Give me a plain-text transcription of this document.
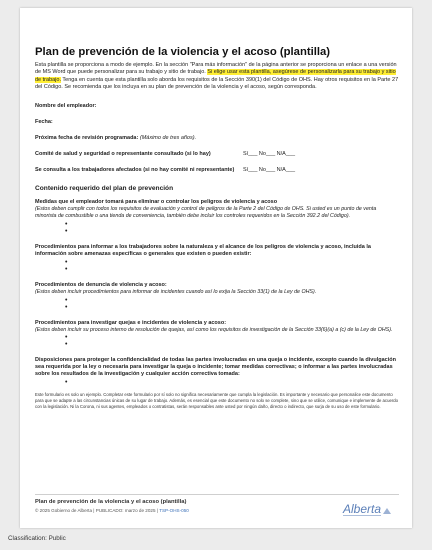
Plan de prevención de la violencia y el acoso (plantilla)

Esta plantilla se proporciona a modo de ejemplo. En la sección "Para más información" de la página anterior se proporciona un enlace a una versión de MS Word que puede personalizar para su trabajo y sitio de trabajo. Si elige usar esta plantilla, asegúrese de personalizarla para su trabajo y sitio de trabajo. Tenga en cuenta que esta plantilla solo aborda los requisitos de la Sección 390(1) del Código de OHS. Hay otros requisitos en la Parte 27 del Código. Se recomienda que los incluya en su plan de prevención de la violencia y el acoso, según corresponda.

Nombre del empleador:
Fecha:
Próxima fecha de revisión programada: (Máximo de tres años).
Comité de salud y seguridad o representante consultado (si lo hay)	Sí___ No___ N/A___
Se consulta a los trabajadores afectados (si no hay comité ni representante) Sí___ No___ N/A___
Contenido requerido del plan de prevención
Medidas que el empleador tomará para eliminar o controlar los peligros de violencia y acoso
(Estos deben cumplir con todos los requisitos de evaluación y control de peligros de la Parte 2 del Código de OHS. Si usted es un punto de venta minorista de combustible o una tienda de conveniencia, también debe incluir los controles requeridos en la Sección 392.2 del Código).
•
•
Procedimientos para informar a los trabajadores sobre la naturaleza y el alcance de los peligros de violencia y acoso, incluida la información sobre amenazas específicas o generales que existen o pueden existir:
•
•
Procedimientos de denuncia de violencia y acoso:
(Estos deben incluir procedimientos para informar de incidentes cuando así lo exija la Sección 33(1) de la Ley de OHS).
•
•
Procedimientos para investigar quejas e incidentes de violencia y acoso:
(Estos deben incluir su proceso interno de resolución de quejas, así como los requisitos de investigación de la Sección 33(6)(a) a (c) de la Ley de OHS).
•
•
Disposiciones para proteger la confidencialidad de todas las partes involucradas en una queja o incidente, excepto cuando la divulgación sea requerida por la ley o necesaria para investigar la queja o incidente; tomar medidas correctivas; o informar a las partes involucradas sobre los resultados de la investigación y cualquier acción correctiva tomada:
•

Este formulario es solo un ejemplo. Completar este formulario por sí solo no significa necesariamente que cumpla la legislación. Es importante y necesario que personalice este documento para que se adapte a las circunstancias únicas de su lugar de trabajo. Además, es esencial que este documento no solo se complete, sino que se utilice, comunique e implemente de acuerdo con la legislación. Ni la Corona, ni sus agentes, empleados o contratistas, serán responsables ante usted por ningún daño, directo o indirecto, que surja de su uso de este formulario.

Plan de prevención de la violencia y el acoso (plantilla)
© 2025 Gobierno de Alberta | PUBLICADO: marzo de 2025 | TSP-OHS-050	Alberta
Classification: Public
